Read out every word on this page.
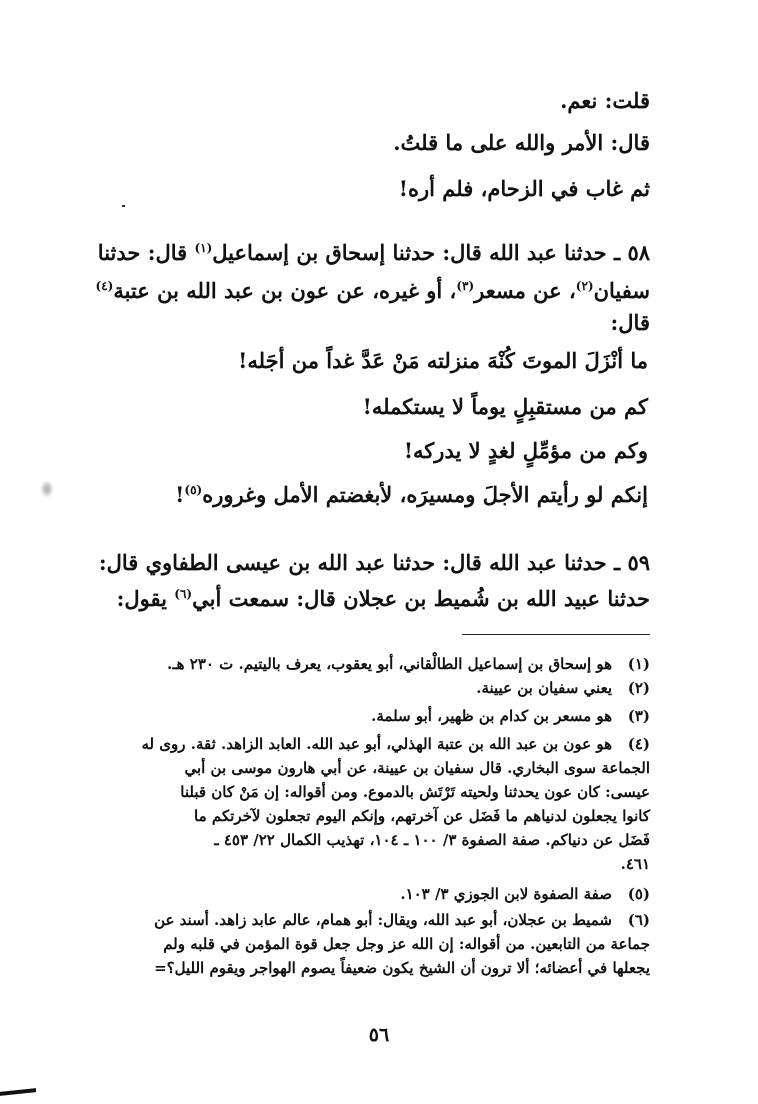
قلت: نعم.
قال: الأمر والله على ما قلتُ.
ثم غاب في الزحام، فلم أره!
٥٨ ـ حدثنا عبد الله قال: حدثنا إسحاق بن إسماعيل$^{(١)}$ قال: حدثنا
سفيان$^{(٢)}$، عن مسعر$^{(٣)}$، أو غيره، عن عون بن عبد الله بن عتبة$^{(٤)}$
قال:
ما أنْزَلَ الموتَ كُنْهَ منزلته مَنْ عَدَّ غداً من أجَله!
كم من مستقبِلٍ يوماً لا يستكمله!
وكم من مؤمِّلٍ لغدٍ لا يدركه!
إنكم لو رأيتم الأجلَ ومسيرَه، لأبغضتم الأمل وغروره$^{(٥)}$!
٥٩ ـ حدثنا عبد الله قال: حدثنا عبد الله بن عيسى الطفاوي قال:
حدثنا عبيد الله بن شُميط بن عجلان قال: سمعت أبي$^{(٦)}$ يقول:
(١)
هو إسحاق بن إسماعيل الطالْقاني، أبو يعقوب، يعرف باليتيم. ت ٢٣٠ هـ.
(٢)
يعني سفيان بن عيينة.
(٣)
هو مسعر بن كدام بن ظهير، أبو سلمة.
(٤)
هو عون بن عبد الله بن عتبة الهذلي، أبو عبد الله. العابد الزاهد. ثقة. روى له
الجماعة سوى البخاري. قال سفيان بن عيينة، عن أبي هارون موسى بن أبي
عيسى: كان عون يحدثنا ولحيته تَرْتَش بالدموع. ومن أقواله: إن مَنْ كان قبلنا
كانوا يجعلون لدنياهم ما فَضَل عن آخرتهم، وإنكم اليوم تجعلون لآخرتكم ما
فَضَل عن دنياكم. صفة الصفوة ٣/ ١٠٠ ـ ١٠٤، تهذيب الكمال ٢٢/ ٤٥٣ ـ
٤٦١.
(٥)
صفة الصفوة لابن الجوزي ٣/ ١٠٣.
(٦)
شميط بن عجلان، أبو عبد الله، ويقال: أبو همام، عالم عابد زاهد. أسند عن
جماعة من التابعين. من أقواله: إن الله عز وجل جعل قوة المؤمن في قلبه ولم
يجعلها في أعضائه؛ ألا ترون أن الشيخ يكون ضعيفاً يصوم الهواجر ويقوم الليل؟=
٥٦
